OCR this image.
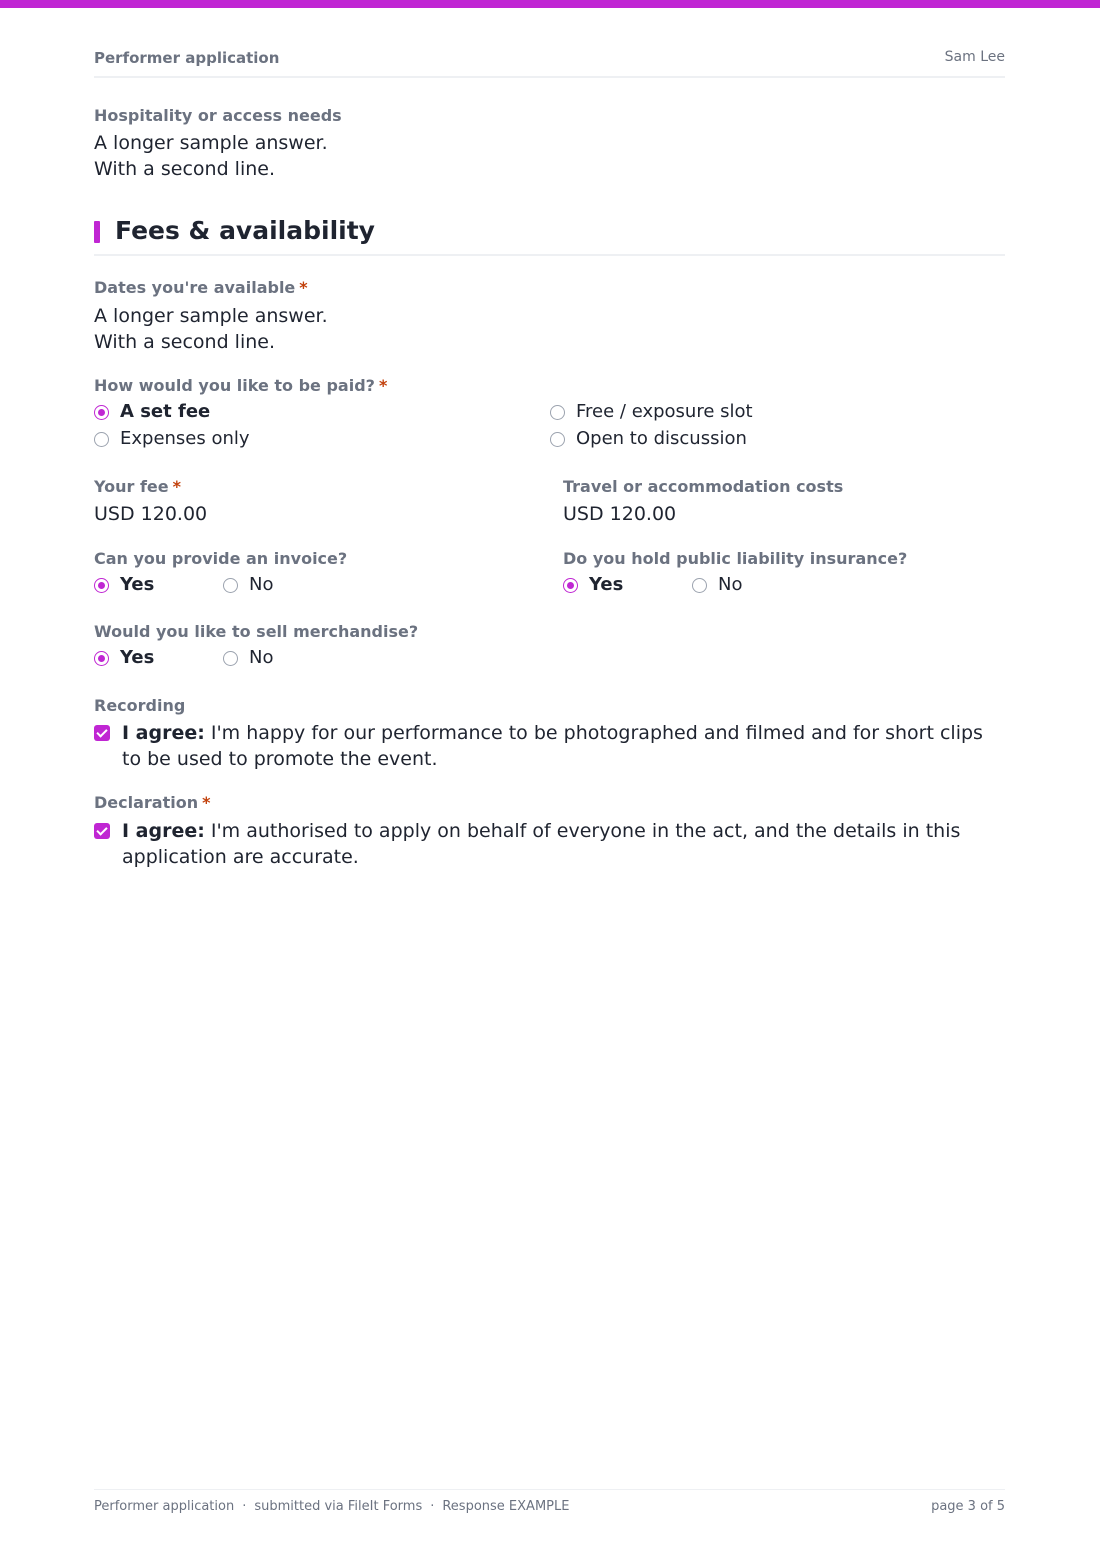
Performer application	Sam Lee
Hospitality or access needs
A longer sample answer.
With a second line.
Fees & availability
Dates you're available *
A longer sample answer.
With a second line.
How would you like to be paid? *
A set fee	Free / exposure slot
Expenses only	Open to discussion
Your fee *
USD 120.00
Travel or accommodation costs
USD 120.00
Can you provide an invoice?
Yes	No
Do you hold public liability insurance?
Yes	No
Would you like to sell merchandise?
Yes	No
Recording
I agree: I'm happy for our performance to be photographed and filmed and for short clips to be used to promote the event.
Declaration *
I agree: I'm authorised to apply on behalf of everyone in the act, and the details in this application are accurate.
Performer application · submitted via FileIt Forms · Response EXAMPLE	page 3 of 5
